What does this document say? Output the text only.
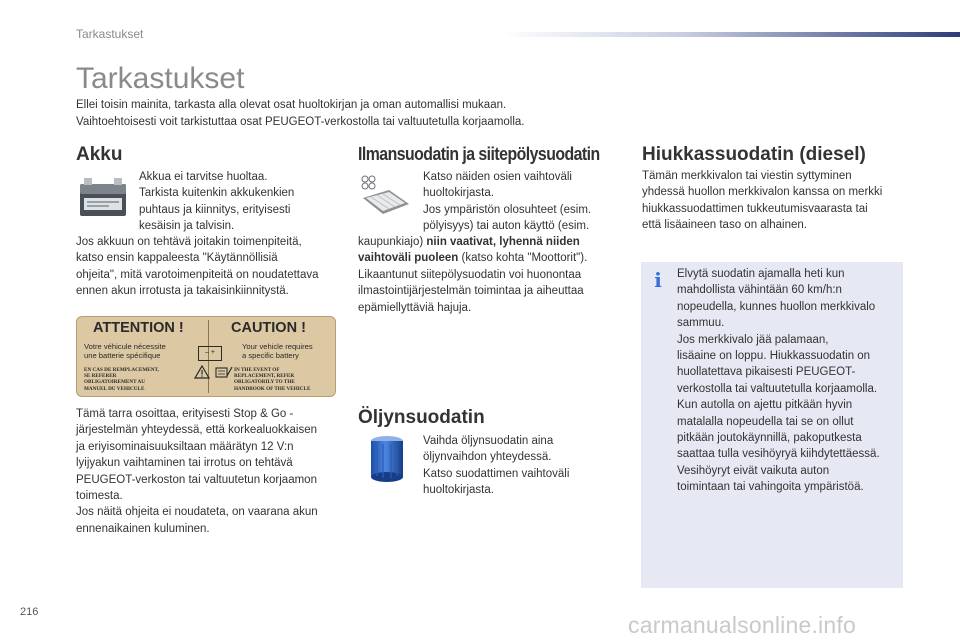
Tarkastukset
Tarkastukset
Ellei toisin mainita, tarkasta alla olevat osat huoltokirjan ja oman automallisi mukaan.
Vaihtoehtoisesti voit tarkistuttaa osat PEUGEOT-verkostolla tai valtuutetulla korjaamolla.
Akku
Akkua ei tarvitse huoltaa.
Tarkista kuitenkin akkukenkien
puhtaus ja kiinnitys, erityisesti
kesäisin ja talvisin.
Jos akkuun on tehtävä joitakin toimenpiteitä,
katso ensin kappaleesta "Käytännöllisiä
ohjeita", mitä varotoimenpiteitä on noudatettava
ennen akun irrotusta ja takaisinkiinnitystä.
ATTENTION !	CAUTION !
Votre véhicule nécessite
une batterie spécifique
Your vehicle requires
a specific battery
– +
EN CAS DE REMPLACEMENT,
SE REFERER
OBLIGATOIREMENT AU
MANUEL DU VEHICULE
IN THE EVENT OF
REPLACEMENT, REFER
OBLIGATORILY TO THE
HANDBOOK OF THE VEHICLE
Tämä tarra osoittaa, erityisesti Stop & Go -
järjestelmän yhteydessä, että korkealuokkaisen
ja eriyisominaisuuksiltaan määrätyn 12 V:n
lyijyakun vaihtaminen tai irrotus on tehtävä
PEUGEOT-verkoston tai valtuutetun korjaamon
toimesta.
Jos näitä ohjeita ei noudateta, on vaarana akun
ennenaikainen kuluminen.
Ilmansuodatin ja siitepölysuodatin
Katso näiden osien vaihtoväli
huoltokirjasta.
Jos ympäristön olosuhteet (esim.
pölyisyys) tai auton käyttö (esim.
kaupunkiajo) niin vaativat, lyhennä niiden
vaihtoväli puoleen (katso kohta "Moottorit").
Likaantunut siitepölysuodatin voi huonontaa
ilmastointijärjestelmän toimintaa ja aiheuttaa
epämiellyttäviä hajuja.
Öljynsuodatin
Vaihda öljynsuodatin aina
öljynvaihdon yhteydessä.
Katso suodattimen vaihtoväli
huoltokirjasta.
Hiukkassuodatin (diesel)
Tämän merkkivalon tai viestin syttyminen
yhdessä huollon merkkivalon kanssa on merkki
hiukkassuodattimen tukkeutumisvaarasta tai
että lisäaineen taso on alhainen.
i Elvytä suodatin ajamalla heti kun
mahdollista vähintään 60 km/h:n
nopeudella, kunnes huollon merkkivalo
sammuu.
Jos merkkivalo jää palamaan,
lisäaine on loppu. Hiukkassuodatin on
huollatettava pikaisesti PEUGEOT-
verkostolla tai valtuutetulla korjaamolla.
Kun autolla on ajettu pitkään hyvin
matalalla nopeudella tai se on ollut
pitkään joutokäynnillä, pakoputkesta
saattaa tulla vesihöyryä kiihdytettäessä.
Vesihöyryt eivät vaikuta auton
toimintaan tai vahingoita ympäristöä.
216	carmanualsonline.info
